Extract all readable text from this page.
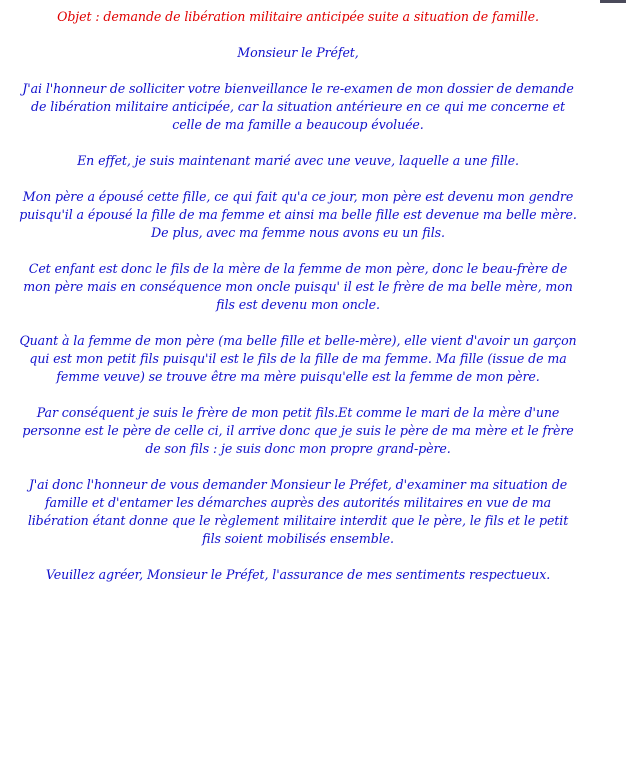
Objet : demande de libération militaire anticipée suite a situation de famille.

Monsieur le Préfet,

J'ai l'honneur de solliciter votre bienveillance le re-examen de mon dossier de demande de libération militaire anticipée, car la situation antérieure en ce qui me concerne et celle de ma famille a beaucoup évoluée.

En effet, je suis maintenant marié avec une veuve, laquelle a une fille.

Mon père a épousé cette fille, ce qui fait qu'a ce jour, mon père est devenu mon gendre puisqu'il a épousé la fille de ma femme et ainsi ma belle fille est devenue ma belle mère. De plus, avec ma femme nous avons eu un fils.

Cet enfant est donc le fils de la mère de la femme de mon père, donc le beau-frère de mon père mais en conséquence mon oncle puisqu' il est le frère de ma belle mère, mon fils est devenu mon oncle.

Quant à la femme de mon père (ma belle fille et belle-mère), elle vient d'avoir un garçon qui est mon petit fils puisqu'il est le fils de la fille de ma femme. Ma fille (issue de ma femme veuve) se trouve être ma mère puisqu'elle est la femme de mon père.

Par conséquent je suis le frère de mon petit fils.Et comme le mari de la mère d'une personne est le père de celle ci, il arrive donc que je suis le père de ma mère et le frère de son fils : je suis donc mon propre grand-père.

J'ai donc l'honneur de vous demander Monsieur le Préfet, d'examiner ma situation de famille et d'entamer les démarches auprès des autorités militaires en vue de ma libération étant donne que le règlement militaire interdit que le père, le fils et le petit fils soient mobilisés ensemble.

Veuillez agréer, Monsieur le Préfet, l'assurance de mes sentiments respectueux.
